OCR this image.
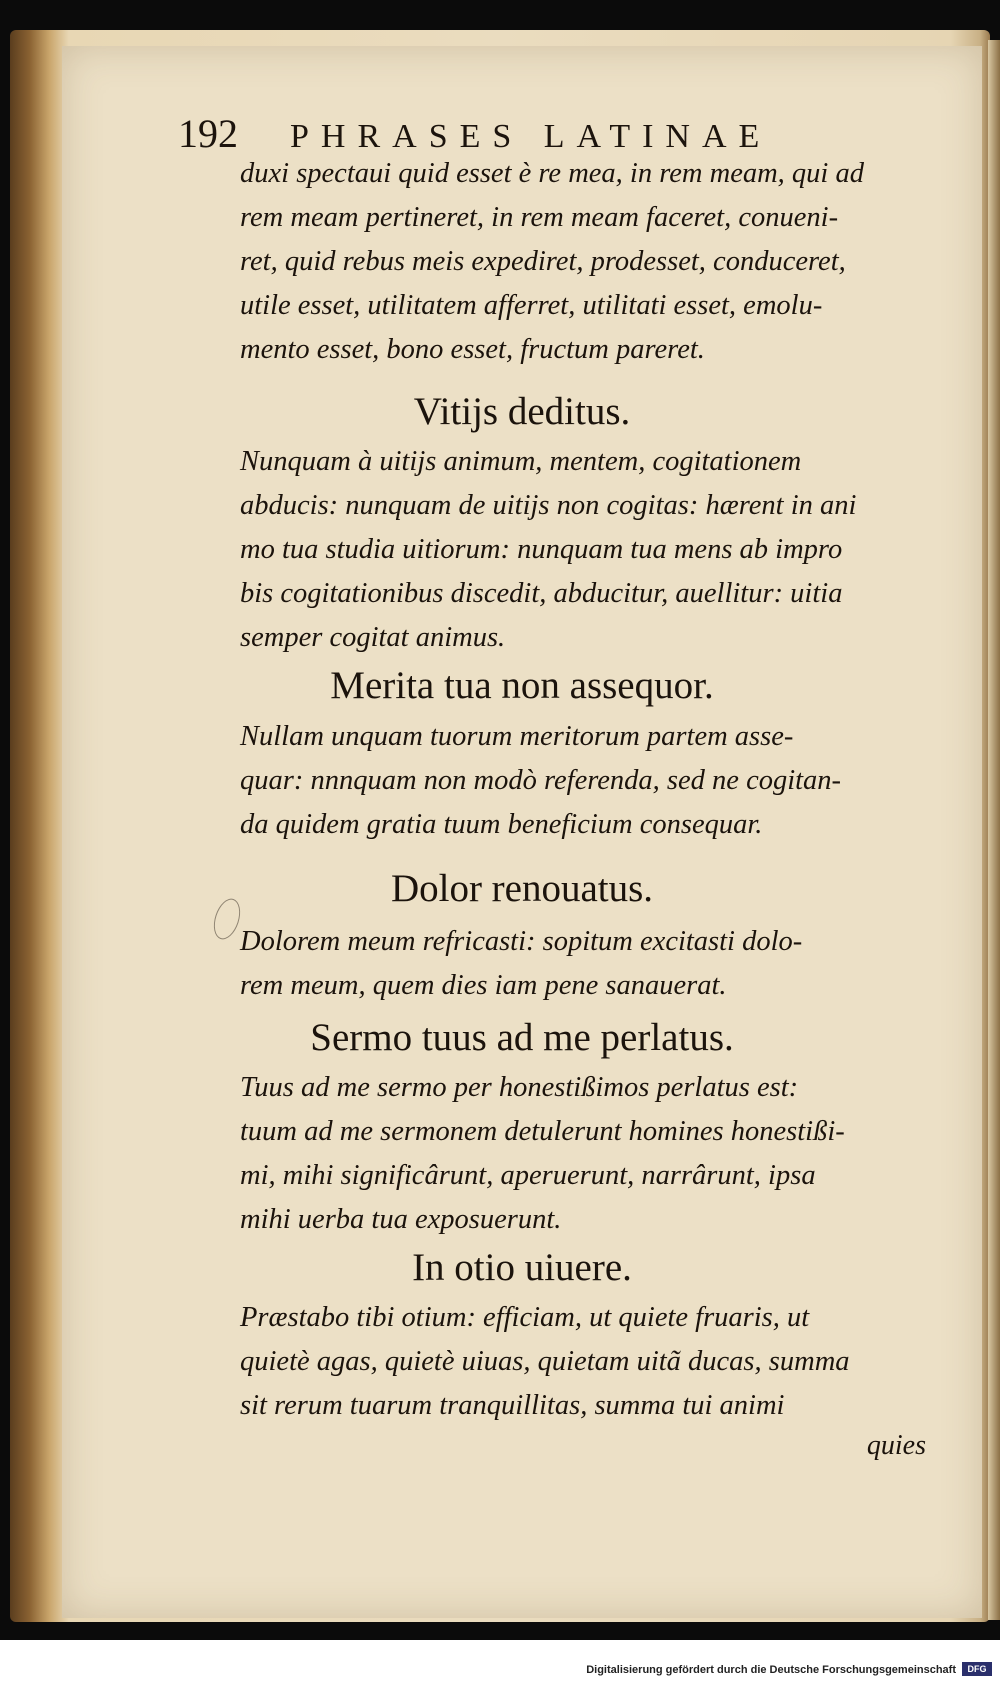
192 PHRASES LATINAE
duxi spectaui quid esset è re mea, in rem meam, qui ad
rem meam pertineret, in rem meam faceret, conueni-
ret, quid rebus meis expediret, prodesset, conduceret,
utile esset, utilitatem afferret, utilitati esset, emolu-
mento esset, bono esset, fructum pareret.
Vitijs deditus.
Nunquam à uitijs animum, mentem, cogitationem
abducis: nunquam de uitijs non cogitas: hærent in ani
mo tua studia uitiorum: nunquam tua mens ab impro
bis cogitationibus discedit, abducitur, auellitur: uitia
semper cogitat animus.
Merita tua non assequor.
Nullam unquam tuorum meritorum partem asse-
quar: nnnquam non modò referenda, sed ne cogitan-
da quidem gratia tuum beneficium consequar.
Dolor renouatus.
Dolorem meum refricasti: sopitum excitasti dolo-
rem meum, quem dies iam pene sanauerat.
Sermo tuus ad me perlatus.
Tuus ad me sermo per honestißimos perlatus est:
tuum ad me sermonem detulerunt homines honestißi-
mi, mihi significârunt, aperuerunt, narrârunt, ipsa
mihi uerba tua exposuerunt.
In otio uiuere.
Præstabo tibi otium: efficiam, ut quiete fruaris, ut
quietè agas, quietè uiuas, quietam uitã ducas, summa
sit rerum tuarum tranquillitas, summa tui animi
quies
Digitalisierung gefördert durch die Deutsche Forschungsgemeinschaft	DFG
